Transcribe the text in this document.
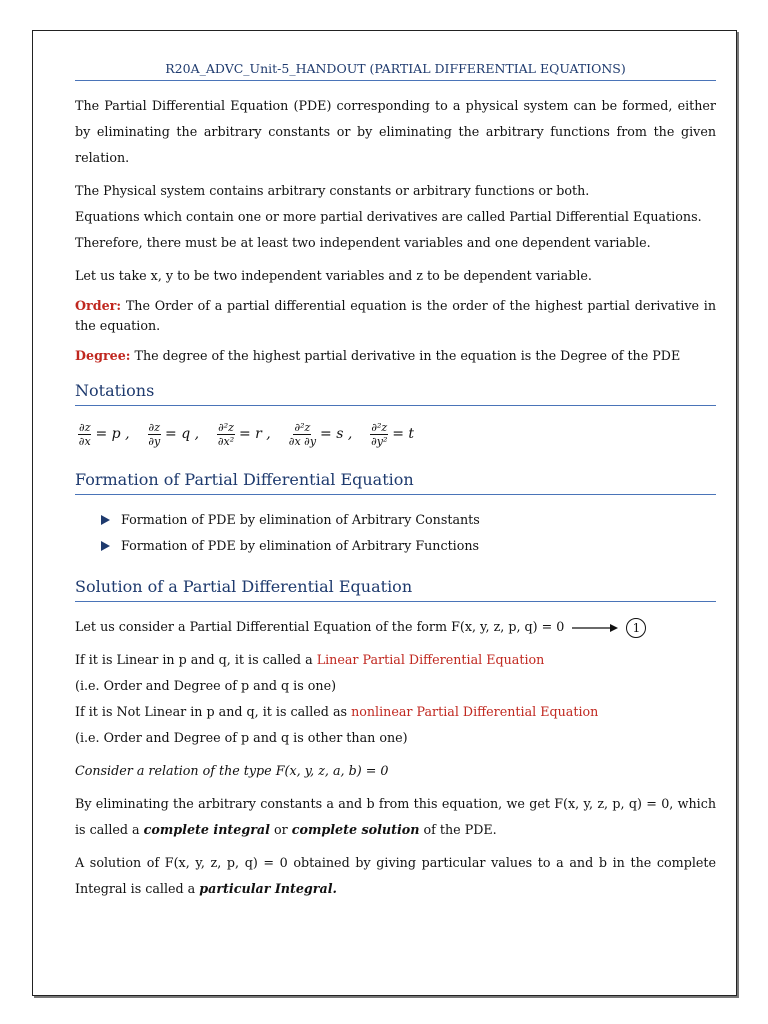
R20A_ADVC_Unit-5_HANDOUT (PARTIAL DIFFERENTIAL EQUATIONS)

The Partial Differential Equation (PDE) corresponding to a physical system can be formed, either by eliminating the arbitrary constants or by eliminating the arbitrary functions from the given relation.

The Physical system contains arbitrary constants or arbitrary functions or both.

Equations which contain one or more partial derivatives are called Partial Differential Equations.

Therefore, there must be at least two independent variables and one dependent variable.

Let us take x, y to be two independent variables and z to be dependent variable.

Order: The Order of a partial differential equation is the order of the highest partial derivative in the equation.

Degree: The degree of the highest partial derivative in the equation is the Degree of the PDE

Notations
$\frac{\partial z}{\partial x} = p$ , $\frac{\partial z}{\partial y} = q$ , $\frac{\text{∂²z}}{\text{∂x²}} = r$ , $\frac{\text{∂²z}}{\partial x \partial y} = s$ , $\frac{\text{∂²z}}{\text{∂y²}} = t$
Formation of Partial Differential Equation
Formation of PDE by elimination of Arbitrary Constants
Formation of PDE by elimination of Arbitrary Functions
Solution of a Partial Differential Equation

Let us consider a Partial Differential Equation of the form F(x, y, z, p, q) = 0	1

If it is Linear in p and q, it is called a Linear Partial Differential Equation

(i.e. Order and Degree of p and q is one)

If it is Not Linear in p and q, it is called as nonlinear Partial Differential Equation

(i.e. Order and Degree of p and q is other than one)

Consider a relation of the type F(x, y, z, a, b) = 0

By eliminating the arbitrary constants a and b from this equation, we get F(x, y, z, p, q) = 0, which is called a complete integral or complete solution of the PDE.

A solution of F(x, y, z, p, q) = 0 obtained by giving particular values to a and b in the complete Integral is called a particular Integral.
